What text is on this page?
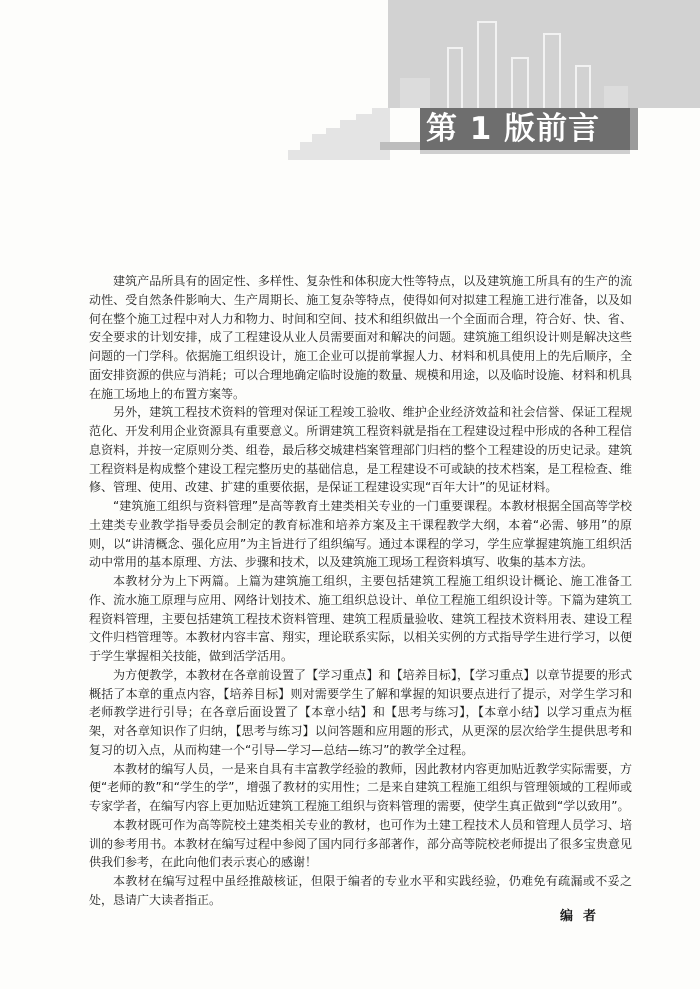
第 1 版前言

建筑产品所具有的固定性、多样性、复杂性和体积庞大性等特点，以及建筑施工所具有的生产的流动性、受自然条件影响大、生产周期长、施工复杂等特点，使得如何对拟建工程施工进行准备，以及如何在整个施工过程中对人力和物力、时间和空间、技术和组织做出一个全面而合理，符合好、快、省、安全要求的计划安排，成了工程建设从业人员需要面对和解决的问题。建筑施工组织设计则是解决这些问题的一门学科。依据施工组织设计，施工企业可以提前掌握人力、材料和机具使用上的先后顺序，全面安排资源的供应与消耗；可以合理地确定临时设施的数量、规模和用途，以及临时设施、材料和机具在施工场地上的布置方案等。

另外，建筑工程技术资料的管理对保证工程竣工验收、维护企业经济效益和社会信誉、保证工程规范化、开发利用企业资源具有重要意义。所谓建筑工程资料就是指在工程建设过程中形成的各种工程信息资料，并按一定原则分类、组卷，最后移交城建档案管理部门归档的整个工程建设的历史记录。建筑工程资料是构成整个建设工程完整历史的基础信息，是工程建设不可或缺的技术档案，是工程检查、维修、管理、使用、改建、扩建的重要依据，是保证工程建设实现“百年大计”的见证材料。

“建筑施工组织与资料管理”是高等教育土建类相关专业的一门重要课程。本教材根据全国高等学校土建类专业教学指导委员会制定的教育标准和培养方案及主干课程教学大纲，本着“必需、够用”的原则，以“讲清概念、强化应用”为主旨进行了组织编写。通过本课程的学习，学生应掌握建筑施工组织活动中常用的基本原理、方法、步骤和技术，以及建筑施工现场工程资料填写、收集的基本方法。

本教材分为上下两篇。上篇为建筑施工组织，主要包括建筑工程施工组织设计概论、施工准备工作、流水施工原理与应用、网络计划技术、施工组织总设计、单位工程施工组织设计等。下篇为建筑工程资料管理，主要包括建筑工程技术资料管理、建筑工程质量验收、建筑工程技术资料用表、建设工程文件归档管理等。本教材内容丰富、翔实，理论联系实际，以相关实例的方式指导学生进行学习，以便于学生掌握相关技能，做到活学活用。

为方便教学，本教材在各章前设置了【学习重点】和【培养目标】，【学习重点】以章节提要的形式概括了本章的重点内容，【培养目标】则对需要学生了解和掌握的知识要点进行了提示，对学生学习和老师教学进行引导；在各章后面设置了【本章小结】和【思考与练习】，【本章小结】以学习重点为框架，对各章知识作了归纳，【思考与练习】以问答题和应用题的形式，从更深的层次给学生提供思考和复习的切入点，从而构建一个“引导—学习—总结—练习”的教学全过程。

本教材的编写人员，一是来自具有丰富教学经验的教师，因此教材内容更加贴近教学实际需要，方便“老师的教”和“学生的学”，增强了教材的实用性；二是来自建筑工程施工组织与管理领域的工程师或专家学者，在编写内容上更加贴近建筑工程施工组织与资料管理的需要，使学生真正做到“学以致用”。

本教材既可作为高等院校土建类相关专业的教材，也可作为土建工程技术人员和管理人员学习、培训的参考用书。本教材在编写过程中参阅了国内同行多部著作，部分高等院校老师提出了很多宝贵意见供我们参考，在此向他们表示衷心的感谢！

本教材在编写过程中虽经推敲核证，但限于编者的专业水平和实践经验，仍难免有疏漏或不妥之处，恳请广大读者指正。

编者
